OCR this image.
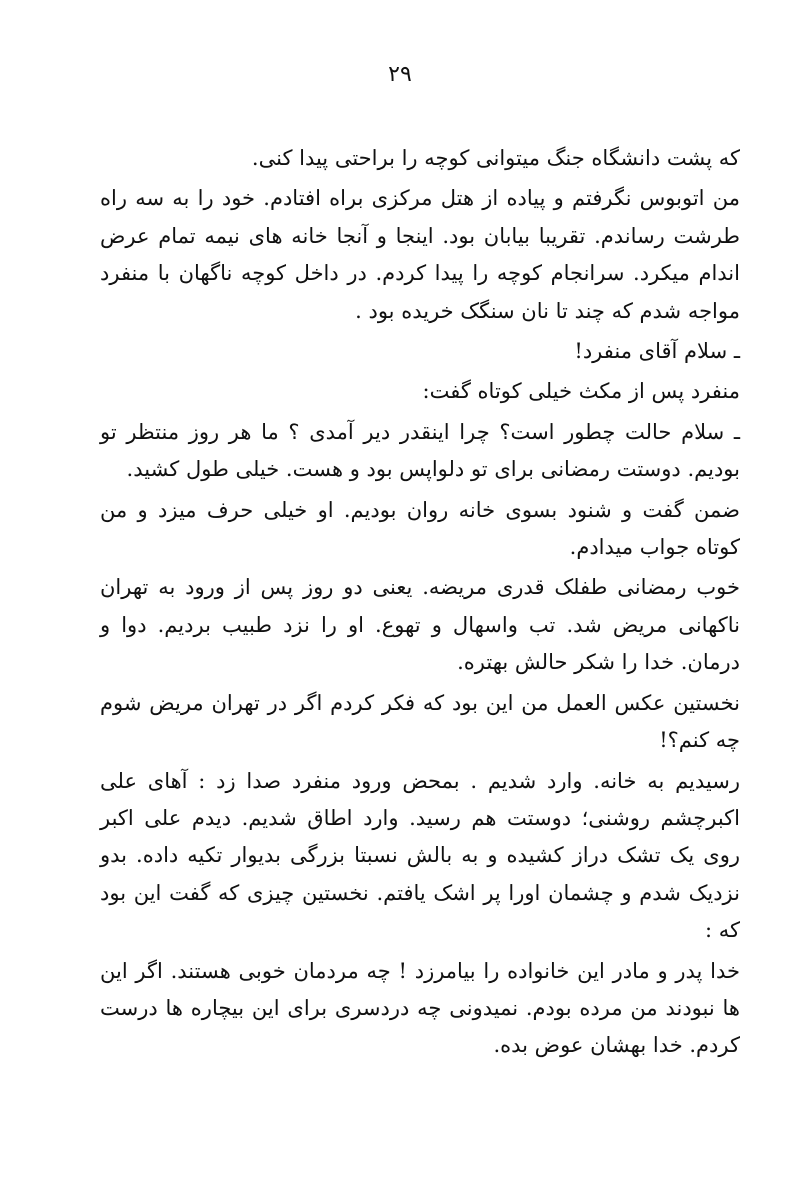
۲۹

که پشت دانشگاه جنگ میتوانی کوچه را براحتی پیدا کنی.

من اتوبوس نگرفتم و پیاده از هتل مرکزی براه افتادم. خود را به سه راه طرشت رساندم. تقریبا بیابان بود. اینجا و آنجا خانه های نیمه تمام عرض اندام میکرد. سرانجام کوچه را پیدا کردم. در داخل کوچه ناگهان با منفرد مواجه شدم که چند تا نان سنگک خریده بود .

ـ سلام آقای منفرد!

منفرد پس از مکث خیلی کوتاه گفت:

ـ سلام حالت چطور است؟ چرا اینقدر دیر آمدی ؟ ما هر روز منتظر تو بودیم. دوستت رمضانی برای تو دلواپس بود و هست. خیلی طول کشید.

ضمن گفت و شنود بسوی خانه روان بودیم. او خیلی حرف میزد و من کوتاه جواب میدادم.

خوب رمضانی طفلک قدری مریضه. یعنی دو روز پس از ورود به تهران ناکهانی مریض شد. تب واسهال و تهوع. او را نزد طبیب بردیم. دوا و درمان. خدا را شکر حالش بهتره.

نخستین عکس العمل من این بود که فکر کردم اگر در تهران مریض شوم چه کنم؟!

رسیدیم به خانه. وارد شدیم . بمحض ورود منفرد صدا زد : آهای علی اکبرچشم روشنی؛ دوستت هم رسید. وارد اطاق شدیم. دیدم علی اکبر روی یک تشک دراز کشیده و به بالش نسبتا بزرگی بدیوار تکیه داده. بدو نزدیک شدم و چشمان اورا پر اشک یافتم. نخستین چیزی که گفت این بود که :

خدا پدر و مادر این خانواده را بیامرزد ! چه مردمان خوبی هستند. اگر این ها نبودند من مرده بودم. نمیدونی چه دردسری برای این بیچاره ها درست کردم. خدا بهشان عوض بده.
